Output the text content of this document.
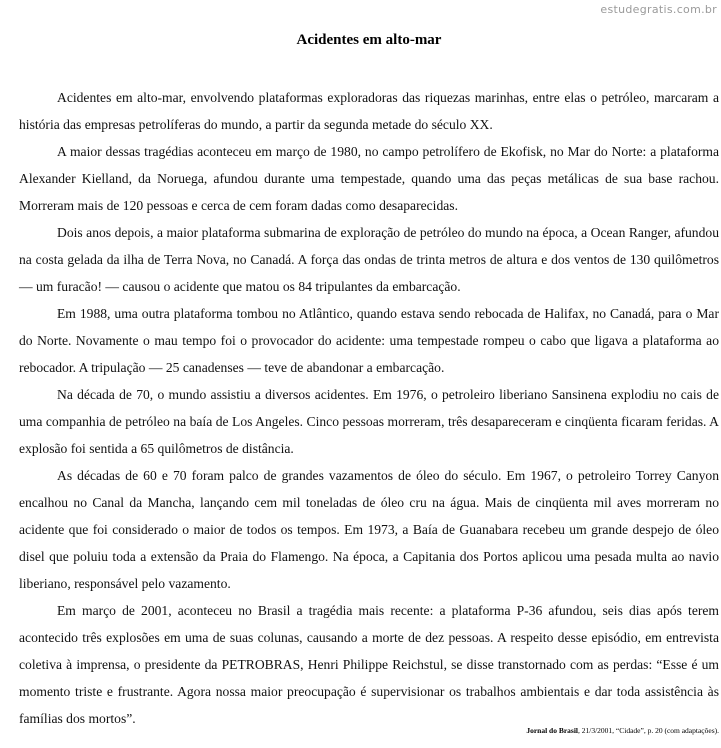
estudegratis.com.br
Acidentes em alto-mar

Acidentes em alto-mar, envolvendo plataformas exploradoras das riquezas marinhas, entre elas o petróleo, marcaram a história das empresas petrolíferas do mundo, a partir da segunda metade do século XX.

A maior dessas tragédias aconteceu em março de 1980, no campo petrolífero de Ekofisk, no Mar do Norte: a plataforma Alexander Kielland, da Noruega, afundou durante uma tempestade, quando uma das peças metálicas de sua base rachou. Morreram mais de 120 pessoas e cerca de cem foram dadas como desaparecidas.

Dois anos depois, a maior plataforma submarina de exploração de petróleo do mundo na época, a Ocean Ranger, afundou na costa gelada da ilha de Terra Nova, no Canadá. A força das ondas de trinta metros de altura e dos ventos de 130 quilômetros — um furacão! — causou o acidente que matou os 84 tripulantes da embarcação.

Em 1988, uma outra plataforma tombou no Atlântico, quando estava sendo rebocada de Halifax, no Canadá, para o Mar do Norte. Novamente o mau tempo foi o provocador do acidente: uma tempestade rompeu o cabo que ligava a plataforma ao rebocador. A tripulação — 25 canadenses — teve de abandonar a embarcação.

Na década de 70, o mundo assistiu a diversos acidentes. Em 1976, o petroleiro liberiano Sansinena explodiu no cais de uma companhia de petróleo na baía de Los Angeles. Cinco pessoas morreram, três desapareceram e cinqüenta ficaram feridas. A explosão foi sentida a 65 quilômetros de distância.

As décadas de 60 e 70 foram palco de grandes vazamentos de óleo do século. Em 1967, o petroleiro Torrey Canyon encalhou no Canal da Mancha, lançando cem mil toneladas de óleo cru na água. Mais de cinqüenta mil aves morreram no acidente que foi considerado o maior de todos os tempos. Em 1973, a Baía de Guanabara recebeu um grande despejo de óleo disel que poluiu toda a extensão da Praia do Flamengo. Na época, a Capitania dos Portos aplicou uma pesada multa ao navio liberiano, responsável pelo vazamento.

Em março de 2001, aconteceu no Brasil a tragédia mais recente: a plataforma P-36 afundou, seis dias após terem acontecido três explosões em uma de suas colunas, causando a morte de dez pessoas. A respeito desse episódio, em entrevista coletiva à imprensa, o presidente da PETROBRAS, Henri Philippe Reichstul, se disse transtornado com as perdas: “Esse é um momento triste e frustrante. Agora nossa maior preocupação é supervisionar os trabalhos ambientais e dar toda assistência às famílias dos mortos”.

Jornal do Brasil, 21/3/2001, “Cidade”, p. 20 (com adaptações).
